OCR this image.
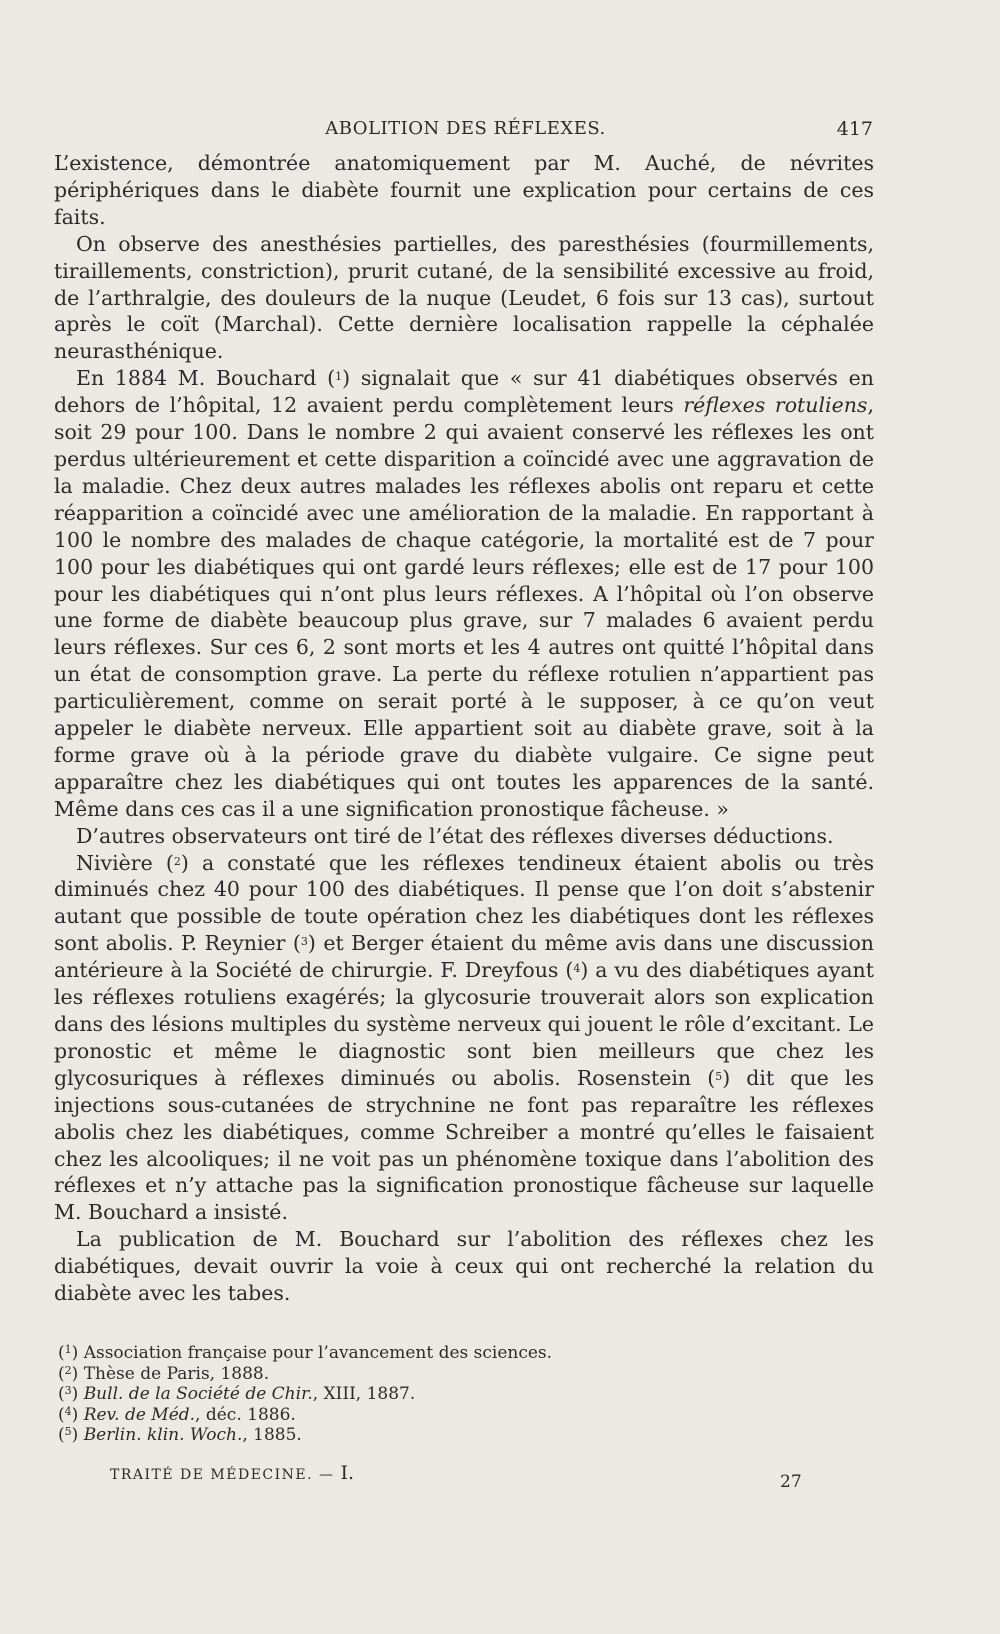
ABOLITION DES RÉFLEXES.	417

L’existence, démontrée anatomiquement par M. Auché, de névrites périphériques dans le diabète fournit une explication pour certains de ces faits.

On observe des anesthésies partielles, des paresthésies (fourmillements, tiraillements, constriction), prurit cutané, de la sensibilité excessive au froid, de l’arthralgie, des douleurs de la nuque (Leudet, 6 fois sur 13 cas), surtout après le coït (Marchal). Cette dernière localisation rappelle la céphalée neurasthénique.

En 1884 M. Bouchard ($^1$) signalait que « sur 41 diabétiques observés en dehors de l’hôpital, 12 avaient perdu complètement leurs réflexes rotuliens, soit 29 pour 100. Dans le nombre 2 qui avaient conservé les réflexes les ont perdus ultérieurement et cette disparition a coïncidé avec une aggravation de la maladie. Chez deux autres malades les réflexes abolis ont reparu et cette réapparition a coïncidé avec une amélioration de la maladie. En rapportant à 100 le nombre des malades de chaque catégorie, la mortalité est de 7 pour 100 pour les diabétiques qui ont gardé leurs réflexes; elle est de 17 pour 100 pour les diabétiques qui n’ont plus leurs réflexes. A l’hôpital où l’on observe une forme de diabète beaucoup plus grave, sur 7 malades 6 avaient perdu leurs réflexes. Sur ces 6, 2 sont morts et les 4 autres ont quitté l’hôpital dans un état de consomption grave. La perte du réflexe rotulien n’appartient pas particulièrement, comme on serait porté à le supposer, à ce qu’on veut appeler le diabète nerveux. Elle appartient soit au diabète grave, soit à la forme grave où à la période grave du diabète vulgaire. Ce signe peut apparaître chez les diabétiques qui ont toutes les apparences de la santé. Même dans ces cas il a une signification pronostique fâcheuse. »

D’autres observateurs ont tiré de l’état des réflexes diverses déductions.

Nivière ($^2$) a constaté que les réflexes tendineux étaient abolis ou très diminués chez 40 pour 100 des diabétiques. Il pense que l’on doit s’abstenir autant que possible de toute opération chez les diabétiques dont les réflexes sont abolis. P. Reynier ($^3$) et Berger étaient du même avis dans une discussion antérieure à la Société de chirurgie. F. Dreyfous ($^4$) a vu des diabétiques ayant les réflexes rotuliens exagérés; la glycosurie trouverait alors son explication dans des lésions multiples du système nerveux qui jouent le rôle d’excitant. Le pronostic et même le diagnostic sont bien meilleurs que chez les glycosuriques à réflexes diminués ou abolis. Rosenstein ($^5$) dit que les injections sous-cutanées de strychnine ne font pas reparaître les réflexes abolis chez les diabétiques, comme Schreiber a montré qu’elles le faisaient chez les alcooliques; il ne voit pas un phénomène toxique dans l’abolition des réflexes et n’y attache pas la signification pronostique fâcheuse sur laquelle M. Bouchard a insisté.

La publication de M. Bouchard sur l’abolition des réflexes chez les diabétiques, devait ouvrir la voie à ceux qui ont recherché la relation du diabète avec les tabes.

($^1$) Association française pour l’avancement des sciences.

($^2$) Thèse de Paris, 1888.

($^3$) Bull. de la Société de Chir., XIII, 1887.

($^4$) Rev. de Méd., déc. 1886.

($^5$) Berlin. klin. Woch., 1885.

TRAITÉ DE MÉDECINE. — I.	27
